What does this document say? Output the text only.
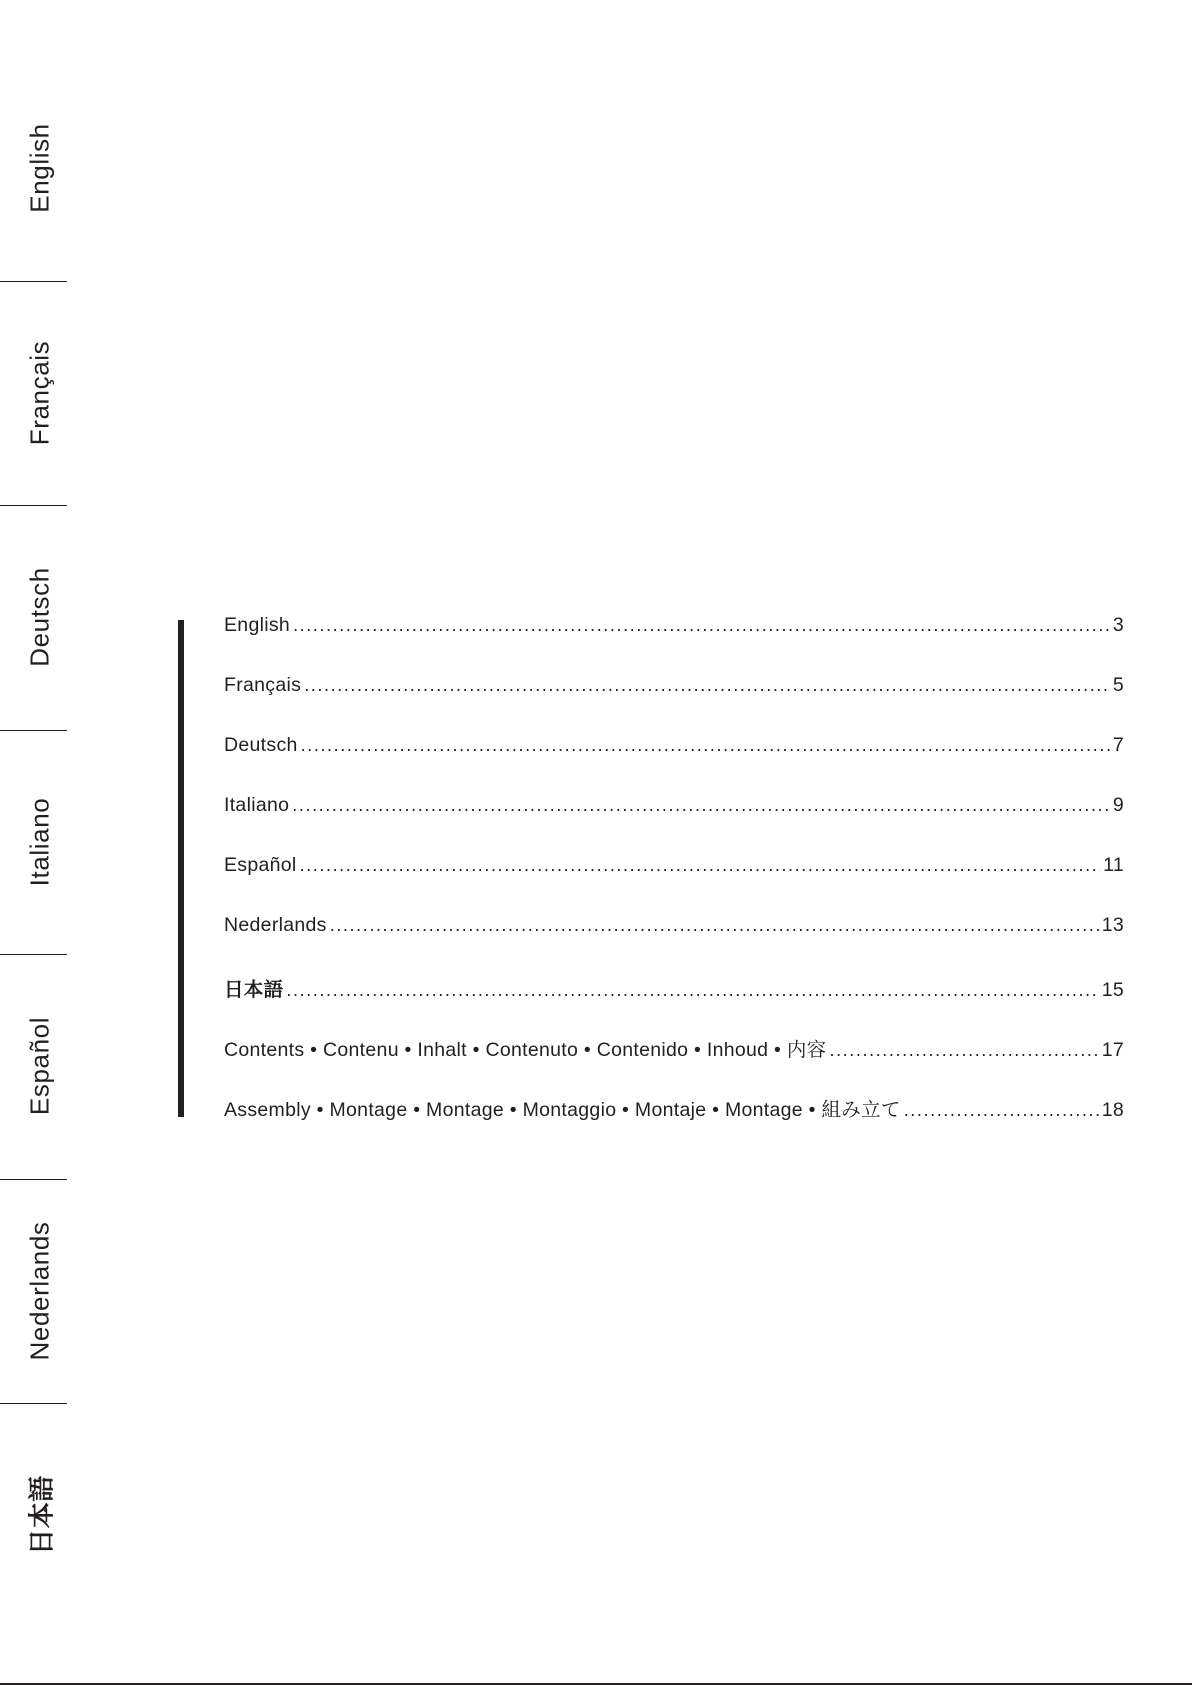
English
Français
Deutsch
Italiano
Español
Nederlands
日本語
English .....	3
Français .....	5
Deutsch .....	7
Italiano .....	9
Español .....	11
Nederlands .....	13
日本語 .....	15
Contents • Contenu • Inhalt • Contenuto • Contenido • Inhoud • 内容 .....	17
Assembly • Montage • Montage • Montaggio • Montaje • Montage • 組み立て .....	18
